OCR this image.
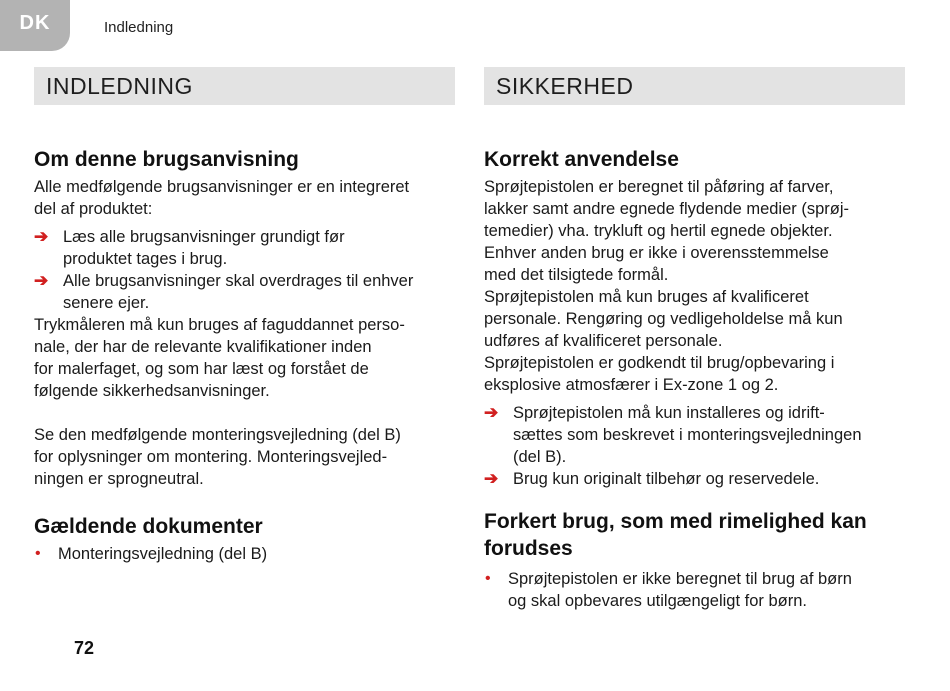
DK	Indledning
INDLEDNING
Om denne brugsanvisning

Alle medfølgende brugsanvisninger er en integreret
del af produktet:

➔ Læs alle brugsanvisninger grundigt før
produktet tages i brug.
➔ Alle brugsanvisninger skal overdrages til enhver
senere ejer.

Trykmåleren må kun bruges af faguddannet perso-
nale, der har de relevante kvalifikationer inden
for malerfaget, og som har læst og forstået de
følgende sikkerhedsanvisninger.

Se den medfølgende monteringsvejledning (del B)
for oplysninger om montering. Monteringsvejled-
ningen er sprogneutral.

Gældende dokumenter
• Monteringsvejledning (del B)
SIKKERHED
Korrekt anvendelse

Sprøjtepistolen er beregnet til påføring af farver,
lakker samt andre egnede flydende medier (sprøj-
temedier) vha. trykluft og hertil egnede objekter.
Enhver anden brug er ikke i overensstemmelse
med det tilsigtede formål.

Sprøjtepistolen må kun bruges af kvalificeret
personale. Rengøring og vedligeholdelse må kun
udføres af kvalificeret personale.

Sprøjtepistolen er godkendt til brug/opbevaring i
eksplosive atmosfærer i Ex-zone 1 og 2.

➔ Sprøjtepistolen må kun installeres og idrift-
sættes som beskrevet i monteringsvejledningen
(del B).
➔ Brug kun originalt tilbehør og reservedele.
Forkert brug, som med rimelighed kan
forudses
• Sprøjtepistolen er ikke beregnet til brug af børn
og skal opbevares utilgængeligt for børn.
72
